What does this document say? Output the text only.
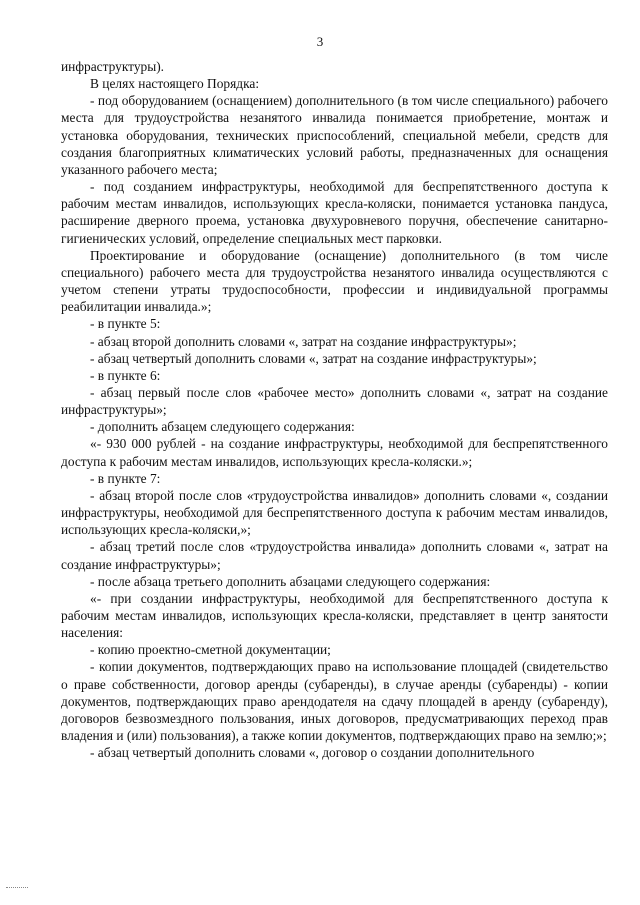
3

инфраструктуры).

В целях настоящего Порядка:

- под оборудованием (оснащением) дополнительного (в том числе специального) рабочего места для трудоустройства незанятого инвалида понимается приобретение, монтаж и установка оборудования, технических приспособлений, специальной мебели, средств для создания благоприятных климатических условий работы, предназначенных для оснащения указанного рабочего места;

- под созданием инфраструктуры, необходимой для беспрепятственного доступа к рабочим местам инвалидов, использующих кресла-коляски, понимается установка пандуса, расширение дверного проема, установка двухуровневого поручня, обеспечение санитарно-гигиенических условий, определение специальных мест парковки.

Проектирование и оборудование (оснащение) дополнительного (в том числе специального) рабочего места для трудоустройства незанятого инвалида осуществляются с учетом степени утраты трудоспособности, профессии и индивидуальной программы реабилитации инвалида.»;

- в пункте 5:

- абзац второй дополнить словами «, затрат на создание инфраструктуры»;

- абзац четвертый дополнить словами «, затрат на создание инфраструктуры»;

- в пункте 6:

- абзац первый после слов «рабочее место» дополнить словами «, затрат на создание инфраструктуры»;

- дополнить абзацем следующего содержания:

«- 930 000 рублей - на создание инфраструктуры, необходимой для беспрепятственного доступа к рабочим местам инвалидов, использующих кресла-коляски.»;

- в пункте 7:

- абзац второй после слов «трудоустройства инвалидов» дополнить словами «, создании инфраструктуры, необходимой для беспрепятственного доступа к рабочим местам инвалидов, использующих кресла-коляски,»;

- абзац третий после слов «трудоустройства инвалида» дополнить словами «, затрат на создание инфраструктуры»;

- после абзаца третьего дополнить абзацами следующего содержания:

«- при создании инфраструктуры, необходимой для беспрепятственного доступа к рабочим местам инвалидов, использующих кресла-коляски, представляет в центр занятости населения:

- копию проектно-сметной документации;

- копии документов, подтверждающих право на использование площадей (свидетельство о праве собственности, договор аренды (субаренды), в случае аренды (субаренды) - копии документов, подтверждающих право арендодателя на сдачу площадей в аренду (субаренду), договоров безвозмездного пользования, иных договоров, предусматривающих переход прав владения и (или) пользования), а также копии документов, подтверждающих право на землю;»;

- абзац четвертый дополнить словами «, договор о создании дополнительного
